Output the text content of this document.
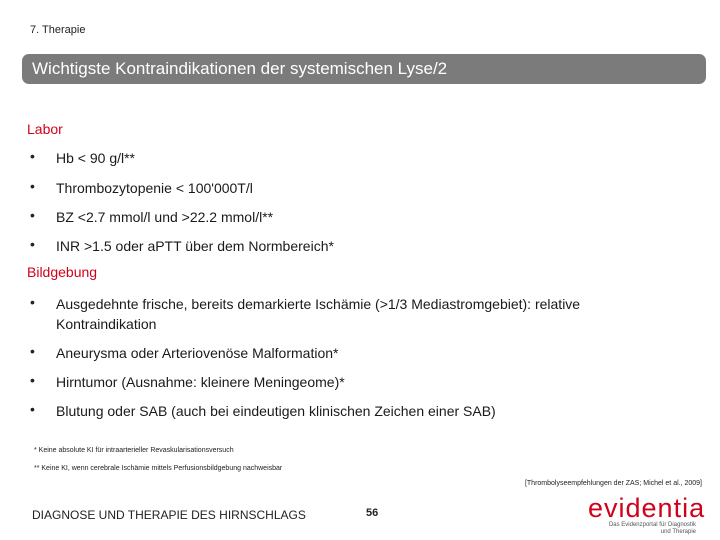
7. Therapie
Wichtigste Kontraindikationen der systemischen Lyse/2
Labor
• Hb < 90 g/l**
• Thrombozytopenie < 100'000T/l
• BZ <2.7 mmol/l und >22.2 mmol/l**
• INR >1.5 oder aPTT über dem Normbereich*
Bildgebung
• Ausgedehnte frische, bereits demarkierte Ischämie (>1/3 Mediastromgebiet): relative Kontraindikation
• Aneurysma oder Arteriovenöse Malformation*
• Hirntumor (Ausnahme: kleinere Meningeome)*
• Blutung oder SAB (auch bei eindeutigen klinischen Zeichen einer SAB)
* Keine absolute KI für intraarterieller Revaskularisationsversuch
** Keine KI, wenn cerebrale Ischämie mittels Perfusionsbildgebung nachweisbar
[Thrombolyseempfehlungen der ZAS; Michel et al., 2009]
DIAGNOSE UND THERAPIE DES HIRNSCHLAGS	56	evidentia
Das Evidenzportal für Diagnostik
und Therapie
